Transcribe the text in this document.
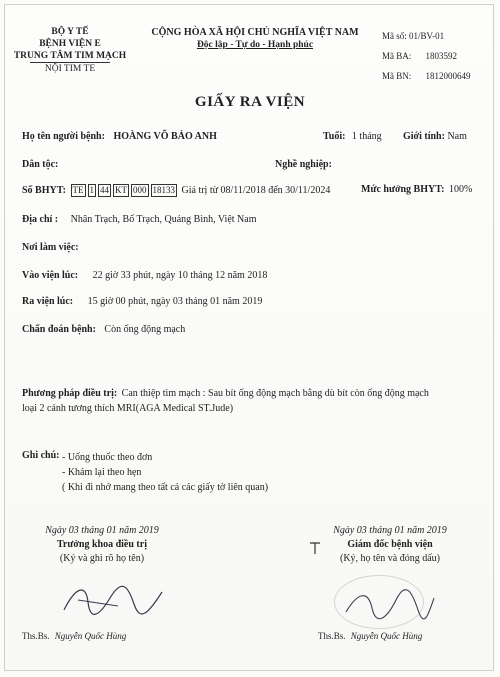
BỘ Y TẾ
BỆNH VIỆN E
TRUNG TÂM TIM MẠCH
NỘI TIM TE
CỘNG HÒA XÃ HỘI CHỦ NGHĨA VIỆT NAM
Độc lập - Tự do - Hạnh phúc
Mã số: 01/BV-01
Mã BA: 1803592
Mã BN: 1812000649
GIẤY RA VIỆN
Họ tên người bệnh: HOÀNG VÕ BẢO ANH	Tuổi: 1 tháng Giới tính: Nam
Dân tộc:	Nghề nghiệp:
Số BHYT: TE 1 44 KT 000 18133 Giá trị từ 08/11/2018 đến 30/11/2024	Mức hưởng BHYT: 100%
Địa chỉ : Nhân Trạch, Bố Trạch, Quảng Bình, Việt Nam
Nơi làm việc:
Vào viện lúc: 22 giờ 33 phút, ngày 10 tháng 12 năm 2018
Ra viện lúc: 15 giờ 00 phút, ngày 03 tháng 01 năm 2019
Chẩn đoán bệnh: Còn ống động mạch
Phương pháp điều trị: Can thiệp tim mạch : Sau bít ống động mạch bằng dù bít còn ống động mạch
loại 2 cánh tương thích MRI(AGA Medical ST.Jude)
Ghi chú: - Uống thuốc theo đơn
- Khám lại theo hẹn
( Khi đi nhớ mang theo tất cả các giấy tờ liên quan)
Ngày 03 tháng 01 năm 2019
Trưởng khoa điều trị
(Ký và ghi rõ họ tên)
Ths.Bs. Nguyễn Quốc Hùng
Ngày 03 tháng 01 năm 2019
Giám đốc bệnh viện
(Ký, họ tên và đóng dấu)
Ths.Bs. Nguyễn Quốc Hùng
